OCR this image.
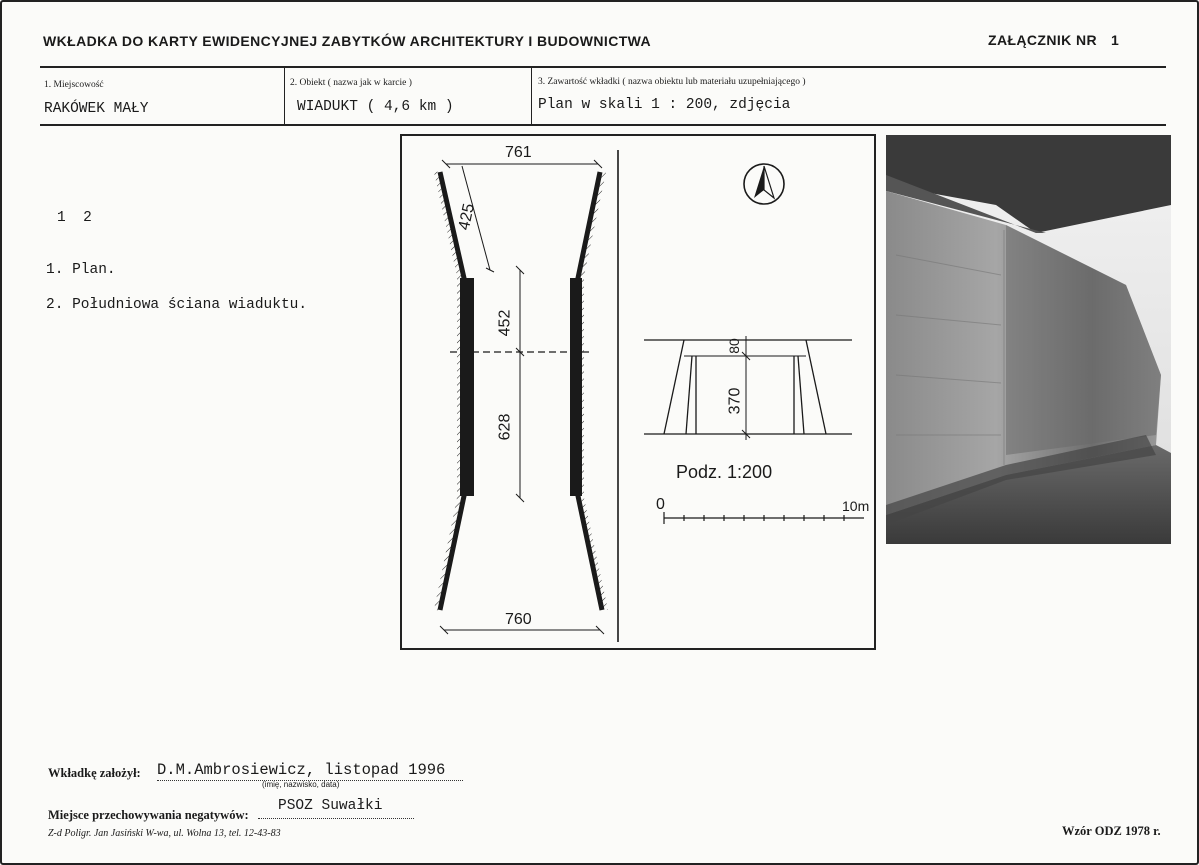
WKŁADKA DO KARTY EWIDENCYJNEJ ZABYTKÓW ARCHITEKTURY I BUDOWNICTWA	ZAŁĄCZNIK NR 1
1. Miejscowość
RAKÓWEK MAŁY
2. Obiekt ( nazwa jak w karcie )
WIADUKT ( 4,6 km )
3. Zawartość wkładki ( nazwa obiektu lub materiału uzupełniającego )
Plan w skali 1 : 200, zdjęcia
1  2
1. Plan.
2. Południowa ściana wiaduktu.
761
760
425
452
628
80
370
Podz. 1:200
0	10m
Wkładkę założył: D.M.Ambrosiewicz, listopad 1996
(imię, nazwisko, data)
Miejsce przechowywania negatywów:
PSOZ Suwałki
Z-d Poligr. Jan Jasiński W-wa, ul. Wolna 13, tel. 12-43-83	Wzór ODZ 1978 r.
